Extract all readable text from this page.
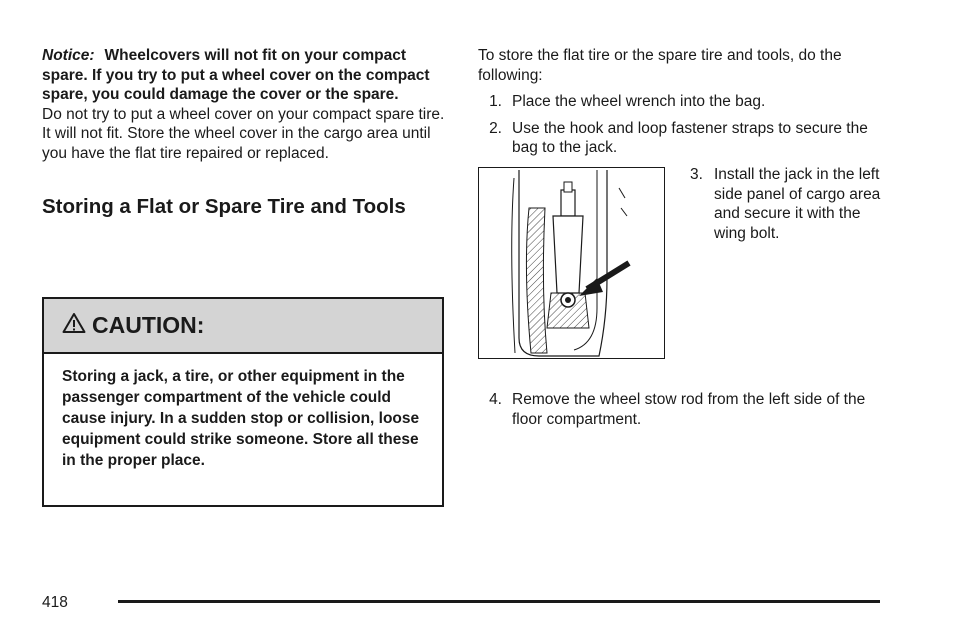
Notice: Wheelcovers will not fit on your compact spare. If you try to put a wheel cover on the compact spare, you could damage the cover or the spare.

Do not try to put a wheel cover on your compact spare tire. It will not fit. Store the wheel cover in the cargo area until you have the flat tire repaired or replaced.

Storing a Flat or Spare Tire and Tools
CAUTION:
Storing a jack, a tire, or other equipment in the passenger compartment of the vehicle could cause injury. In a sudden stop or collision, loose equipment could strike someone. Store all these in the proper place.

To store the flat tire or the spare tire and tools, do the following:

1. Place the wheel wrench into the bag.
2. Use the hook and loop fastener straps to secure the bag to the jack.
3. Install the jack in the left side panel of cargo area and secure it with the wing bolt.
4. Remove the wheel stow rod from the left side of the floor compartment.
418
